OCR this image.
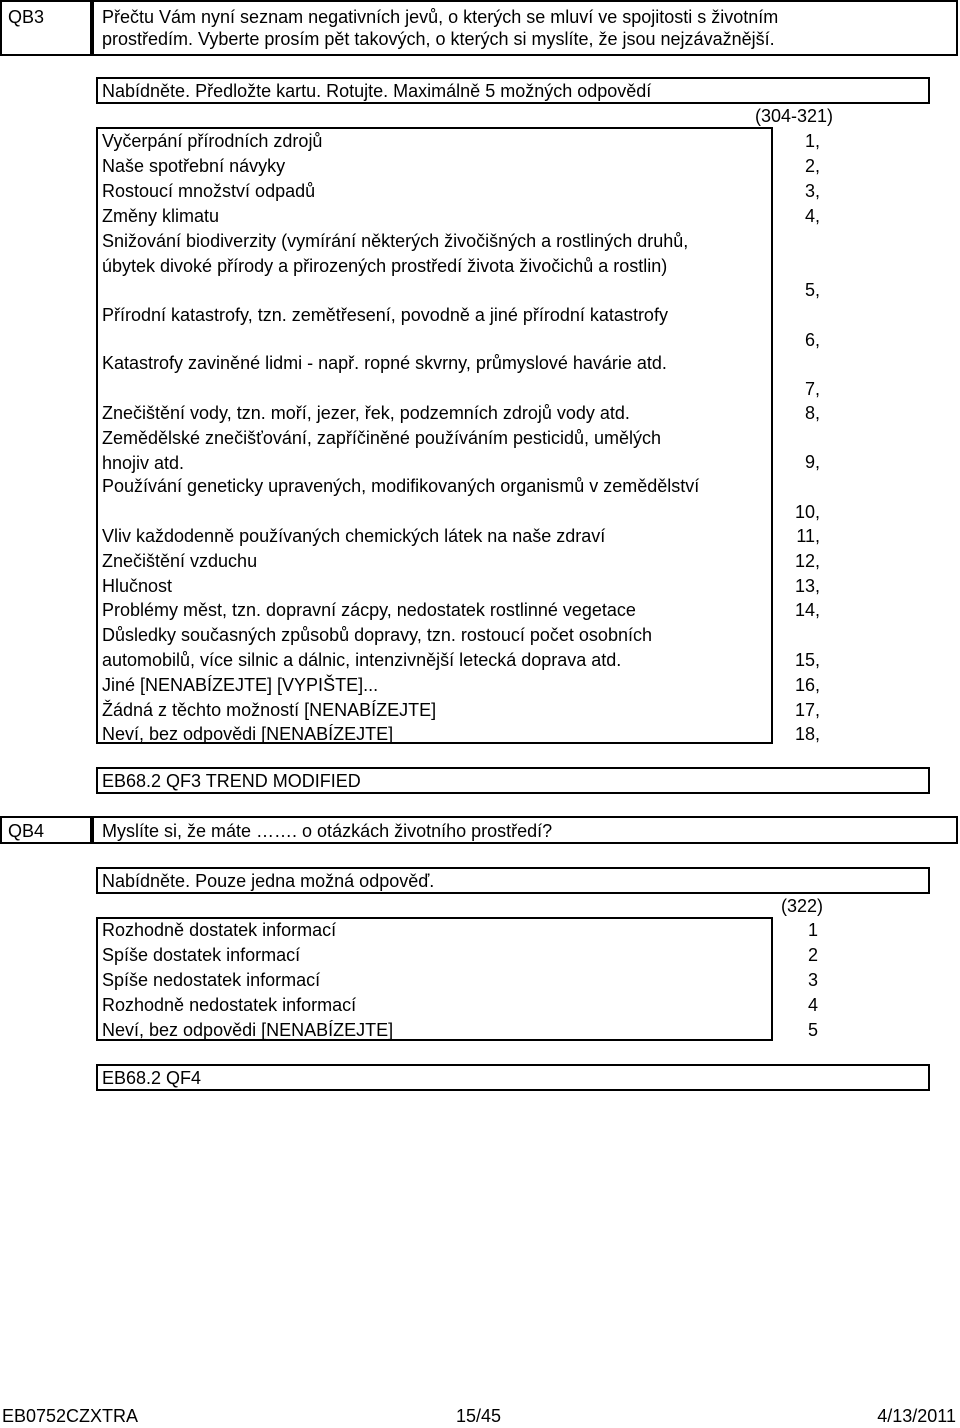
QB3	Přečtu Vám nyní seznam negativních jevů, o kterých se mluví ve spojitosti s životním
prostředím. Vyberte prosím pět takových, o kterých si myslíte, že jsou nejzávažnější.
Nabídněte. Předložte kartu. Rotujte. Maximálně 5 možných odpovědí
(304-321)
Vyčerpání přírodních zdrojů	1,
Naše spotřební návyky	2,
Rostoucí množství odpadů	3,
Změny klimatu	4,
Snižování biodiverzity (vymírání některých živočišných a rostliných druhů,
úbytek divoké přírody a přirozených prostředí života živočichů a rostlin)
5,
Přírodní katastrofy, tzn. zemětřesení, povodně a jiné přírodní katastrofy
6,
Katastrofy zaviněné lidmi - např. ropné skvrny, průmyslové havárie atd.
7,
Znečištění vody, tzn. moří, jezer, řek, podzemních zdrojů vody atd.	8,
Zemědělské znečišťování, zapříčiněné používáním pesticidů, umělých
hnojiv atd.	9,
Používání geneticky upravených, modifikovaných organismů v zemědělství
10,
Vliv každodenně používaných chemických látek na naše zdraví	11,
Znečištění vzduchu	12,
Hlučnost	13,
Problémy měst, tzn. dopravní zácpy, nedostatek rostlinné vegetace	14,
Důsledky současných způsobů dopravy, tzn. rostoucí počet osobních
automobilů, více silnic a dálnic, intenzivnější letecká doprava atd.	15,
Jiné [NENABÍZEJTE] [VYPIŠTE]...	16,
Žádná z těchto možností [NENABÍZEJTE]	17,
Neví, bez odpovědi [NENABÍZEJTE]	18,
EB68.2 QF3 TREND MODIFIED
QB4	Myslíte si, že máte ……. o otázkách životního prostředí?
Nabídněte. Pouze jedna možná odpověď.
(322)
Rozhodně dostatek informací	1
Spíše dostatek informací	2
Spíše nedostatek informací	3
Rozhodně nedostatek informací	4
Neví, bez odpovědi [NENABÍZEJTE]	5
EB68.2 QF4
EB0752CZXTRA	15/45	4/13/2011
